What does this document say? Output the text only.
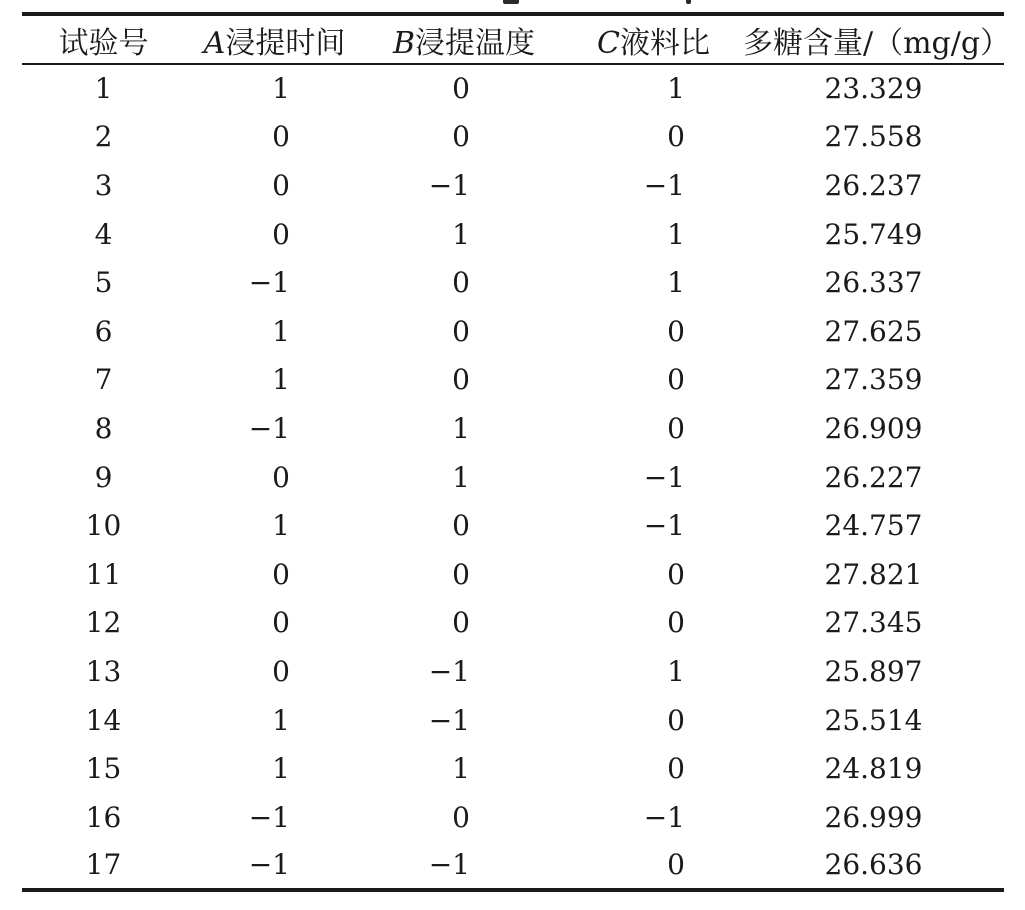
试验号	A浸提时间	B浸提温度	C液料比	多糖含量/（mg/g）
1	1	0	1	23.329
2	0	0	0	27.558
3	0	−1	−1	26.237
4	0	1	1	25.749
5	−1	0	1	26.337
6	1	0	0	27.625
7	1	0	0	27.359
8	−1	1	0	26.909
9	0	1	−1	26.227
10	1	0	−1	24.757
11	0	0	0	27.821
12	0	0	0	27.345
13	0	−1	1	25.897
14	1	−1	0	25.514
15	1	1	0	24.819
16	−1	0	−1	26.999
17	−1	−1	0	26.636
